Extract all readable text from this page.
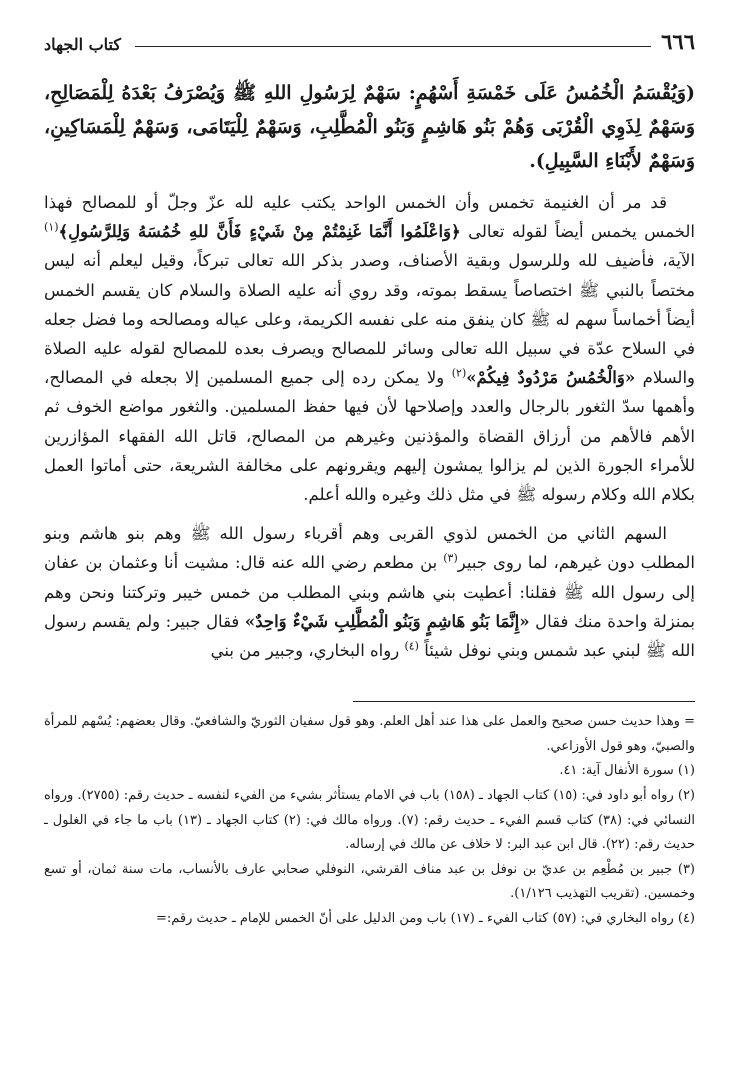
٦٦٦
كتاب الجهاد
(وَيُقْسَمُ الْخُمُسُ عَلَى خَمْسَةِ أَسْهُمٍ: سَهْمٌ لِرَسُولِ اللهِ ﷺ وَيُصْرَفُ بَعْدَهُ لِلْمَصَالِحِ، وَسَهْمٌ لِذَوِي الْقُرْبَى وَهُمْ بَنُو هَاشِمٍ وَبَنُو الْمُطَّلِبِ، وَسَهْمٌ لِلْيَتَامَى، وَسَهْمٌ لِلْمَسَاكِينِ، وَسَهْمٌ لأَبْنَاءِ السَّبِيلِ).

قد مر أن الغنيمة تخمس وأن الخمس الواحد يكتب عليه لله عزّ وجلّ أو للمصالح فهذا الخمس يخمس أيضاً لقوله تعالى ﴿وَاعْلَمُوا أَنَّمَا غَنِمْتُمْ مِنْ شَيْءٍ فَأَنَّ للهِ خُمُسَهُ وَلِلرَّسُولِ﴾$^{(١)}$ الآية، فأضيف لله وللرسول وبقية الأصناف، وصدر بذكر الله تعالى تبركاً، وقيل ليعلم أنه ليس مختصاً بالنبي ﷺ اختصاصاً يسقط بموته، وقد روي أنه عليه الصلاة والسلام كان يقسم الخمس أيضاً أخماساً سهم له ﷺ كان ينفق منه على نفسه الكريمة، وعلى عياله ومصالحه وما فضل جعله في السلاح عدّة في سبيل الله تعالى وسائر للمصالح ويصرف بعده للمصالح لقوله عليه الصلاة والسلام «وَالْخُمُسُ مَرْدُودٌ فِيكُمْ»$^{(٢)}$ ولا يمكن رده إلى جميع المسلمين إلا بجعله في المصالح، وأهمها سدّ الثغور بالرجال والعدد وإصلاحها لأن فيها حفظ المسلمين. والثغور مواضع الخوف ثم الأهم فالأهم من أرزاق القضاة والمؤذنين وغيرهم من المصالح، قاتل الله الفقهاء المؤازرين للأمراء الجورة الذين لم يزالوا يمشون إليهم ويقرونهم على مخالفة الشريعة، حتى أماتوا العمل بكلام الله وكلام رسوله ﷺ في مثل ذلك وغيره والله أعلم.

السهم الثاني من الخمس لذوي القربى وهم أقرباء رسول الله ﷺ وهم بنو هاشم وبنو المطلب دون غيرهم، لما روى جبير$^{(٣)}$ بن مطعم رضي الله عنه قال: مشيت أنا وعثمان بن عفان إلى رسول الله ﷺ فقلنا: أعطيت بني هاشم وبني المطلب من خمس خيبر وتركتنا ونحن وهم بمنزلة واحدة منك فقال «إِنَّمَا بَنُو هَاشِمٍ وَبَنُو الْمُطَّلِبِ شَيْءٌ وَاحِدٌ» فقال جبير: ولم يقسم رسول الله ﷺ لبني عبد شمس وبني نوفل شيئاً $^{(٤)}$ رواه البخاري، وجبير من بني

= وهذا حديث حسن صحيح والعمل على هذا عند أهل العلم. وهو قول سفيان الثوريّ والشافعيّ. وقال بعضهم: يُسْهم للمرأة والصبيّ، وهو قول الأوزاعي.

(١) سورة الأنفال آية: ٤١.

(٢) رواه أبو داود في: (١٥) كتاب الجهاد ـ (١٥٨) باب في الامام يستأثر بشيء من الفيء لنفسه ـ حديث رقم: (٢٧٥٥). ورواه النسائي في: (٣٨) كتاب قسم الفيء ـ حديث رقم: (٧). ورواه مالك في: (٢) كتاب الجهاد ـ (١٣) باب ما جاء في الغلول ـ حديث رقم: (٢٢). قال ابن عبد البر: لا خلاف عن مالك في إرساله.

(٣) جبير بن مُطْعِم بن عديّ بن نوفل بن عبد مناف القرشي، النوفلي صحابي عارف بالأنساب، مات سنة ثمان، أو تسع وخمسين. (تقريب التهذيب ١/١٢٦).

(٤) رواه البخاري في: (٥٧) كتاب الفيء ـ (١٧) باب ومن الدليل على أنّ الخمس للإمام ـ حديث رقم:=
